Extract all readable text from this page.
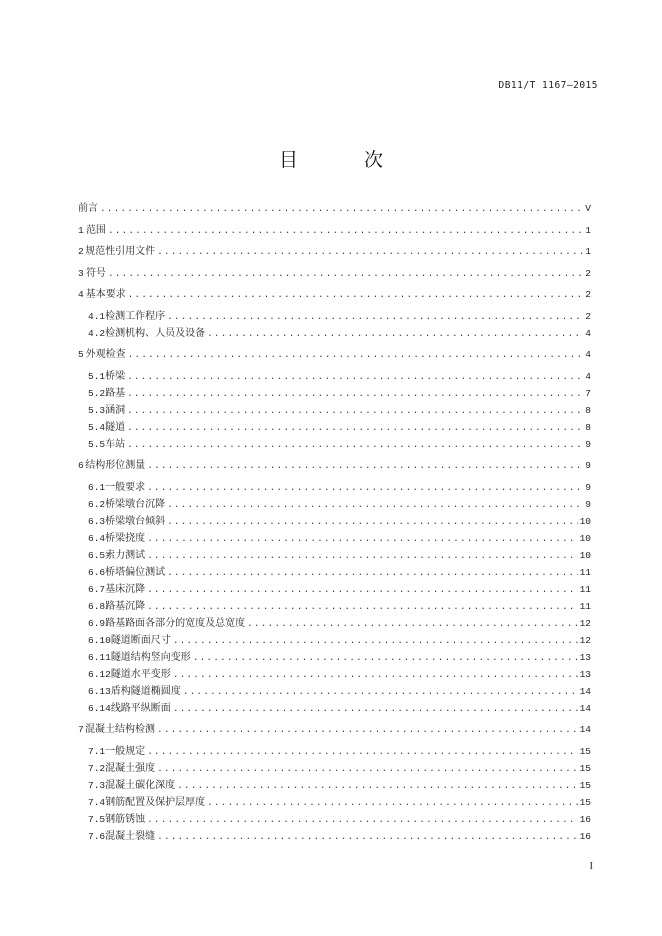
DB11/T 1167—2015
目 次
前言 .....	V
1 范围 .....	1
2 规范性引用文件 .....	1
3 符号 .....	2
4 基本要求 .....	2
4.1 检测工作程序 .....	2
4.2 检测机构、人员及设备 .....	4
5 外观检查 .....	4
5.1 桥梁 .....	4
5.2 路基 .....	7
5.3 涵洞 .....	8
5.4 隧道 .....	8
5.5 车站 .....	9
6 结构形位测量 .....	9
6.1 一般要求 .....	9
6.2 桥梁墩台沉降 .....	9
6.3 桥梁墩台倾斜 .....	10
6.4 桥梁挠度 .....	10
6.5 索力测试 .....	10
6.6 桥塔偏位测试 .....	11
6.7 基床沉降 .....	11
6.8 路基沉降 .....	11
6.9 路基路面各部分的宽度及总宽度 .....	12
6.10 隧道断面尺寸 .....	12
6.11 隧道结构竖向变形 .....	13
6.12 隧道水平变形 .....	13
6.13 盾构隧道椭圆度 .....	14
6.14 线路平纵断面 .....	14
7 混凝土结构检测 .....	14
7.1 一般规定 .....	15
7.2 混凝土强度 .....	15
7.3 混凝土碳化深度 .....	15
7.4 钢筋配置及保护层厚度 .....	15
7.5 钢筋锈蚀 .....	16
7.6 混凝土裂缝 .....	16
I
